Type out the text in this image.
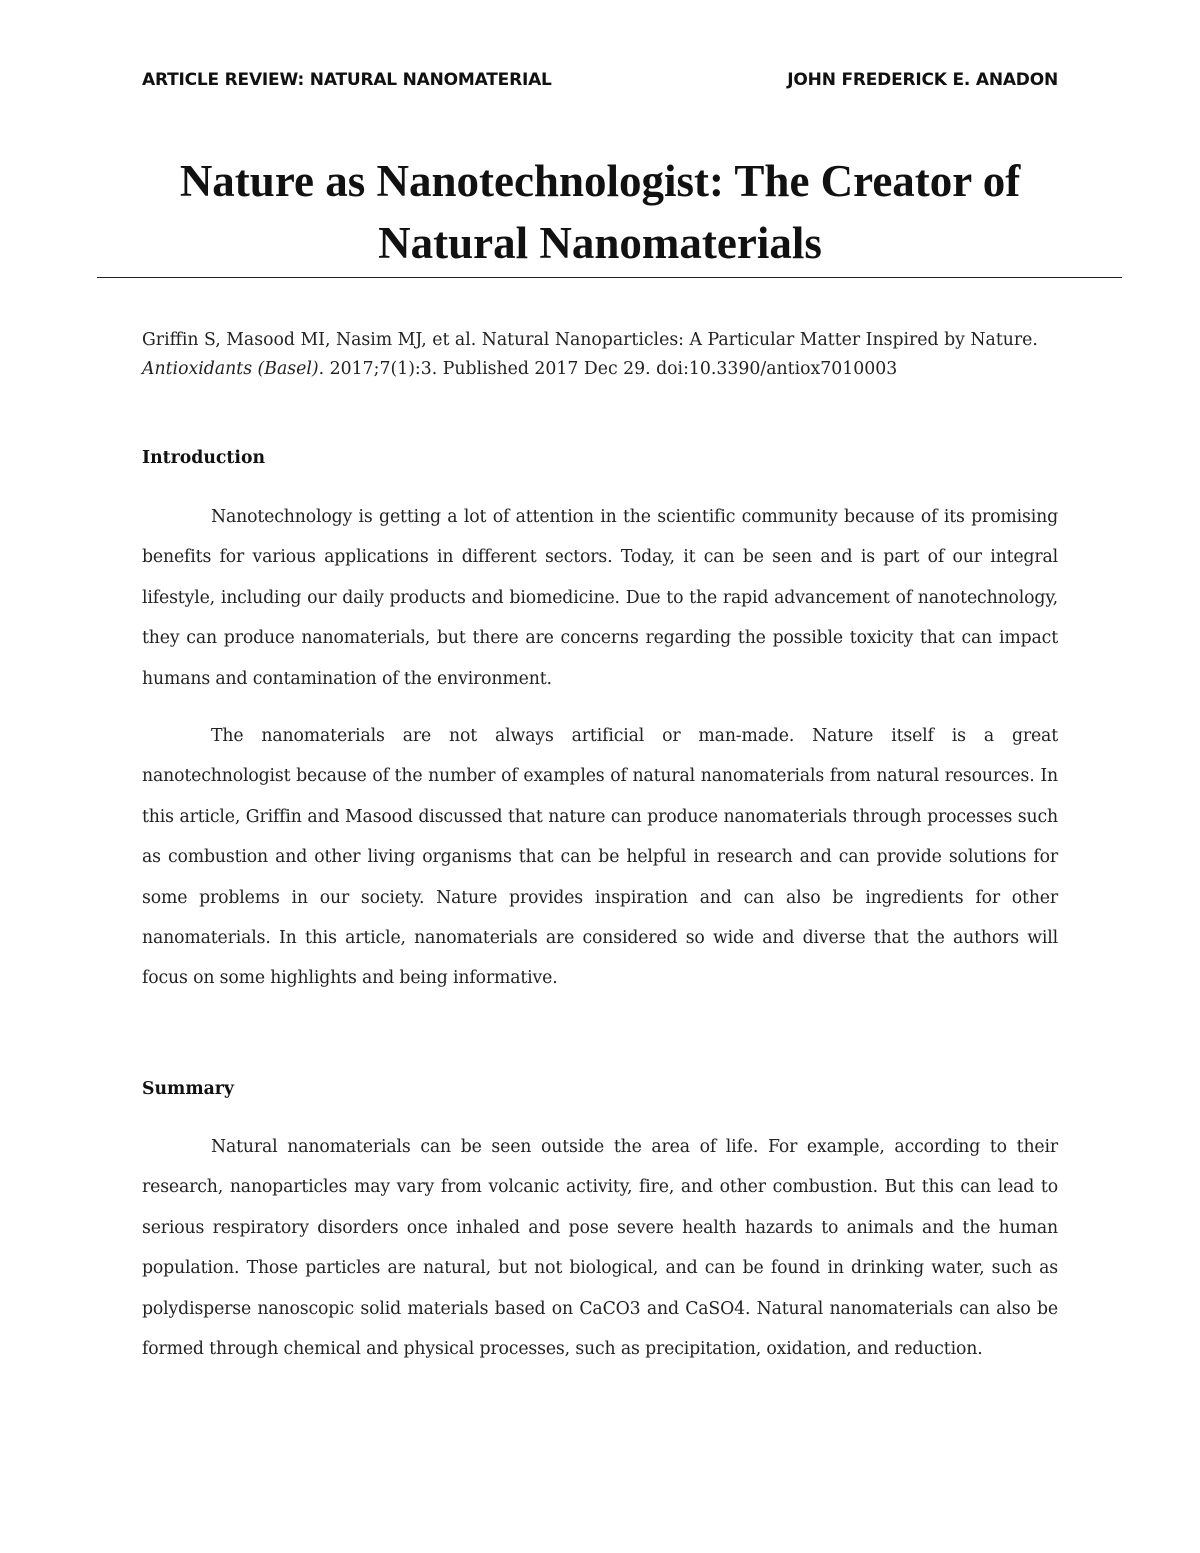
ARTICLE REVIEW: NATURAL NANOMATERIAL	JOHN FREDERICK E. ANADON
Nature as Nanotechnologist: The Creator of
Natural Nanomaterials
Griffin S, Masood MI, Nasim MJ, et al. Natural Nanoparticles: A Particular Matter Inspired by Nature. Antioxidants (Basel). 2017;7(1):3. Published 2017 Dec 29. doi:10.3390/antiox7010003
Introduction

Nanotechnology is getting a lot of attention in the scientific community because of its promising benefits for various applications in different sectors. Today, it can be seen and is part of our integral lifestyle, including our daily products and biomedicine. Due to the rapid advancement of nanotechnology, they can produce nanomaterials, but there are concerns regarding the possible toxicity that can impact humans and contamination of the environment.

The nanomaterials are not always artificial or man-made. Nature itself is a great nanotechnologist because of the number of examples of natural nanomaterials from natural resources. In this article, Griffin and Masood discussed that nature can produce nanomaterials through processes such as combustion and other living organisms that can be helpful in research and can provide solutions for some problems in our society. Nature provides inspiration and can also be ingredients for other nanomaterials. In this article, nanomaterials are considered so wide and diverse that the authors will focus on some highlights and being informative.

Summary

Natural nanomaterials can be seen outside the area of life. For example, according to their research, nanoparticles may vary from volcanic activity, fire, and other combustion. But this can lead to serious respiratory disorders once inhaled and pose severe health hazards to animals and the human population. Those particles are natural, but not biological, and can be found in drinking water, such as polydisperse nanoscopic solid materials based on CaCO3 and CaSO4. Natural nanomaterials can also be formed through chemical and physical processes, such as precipitation, oxidation, and reduction.
